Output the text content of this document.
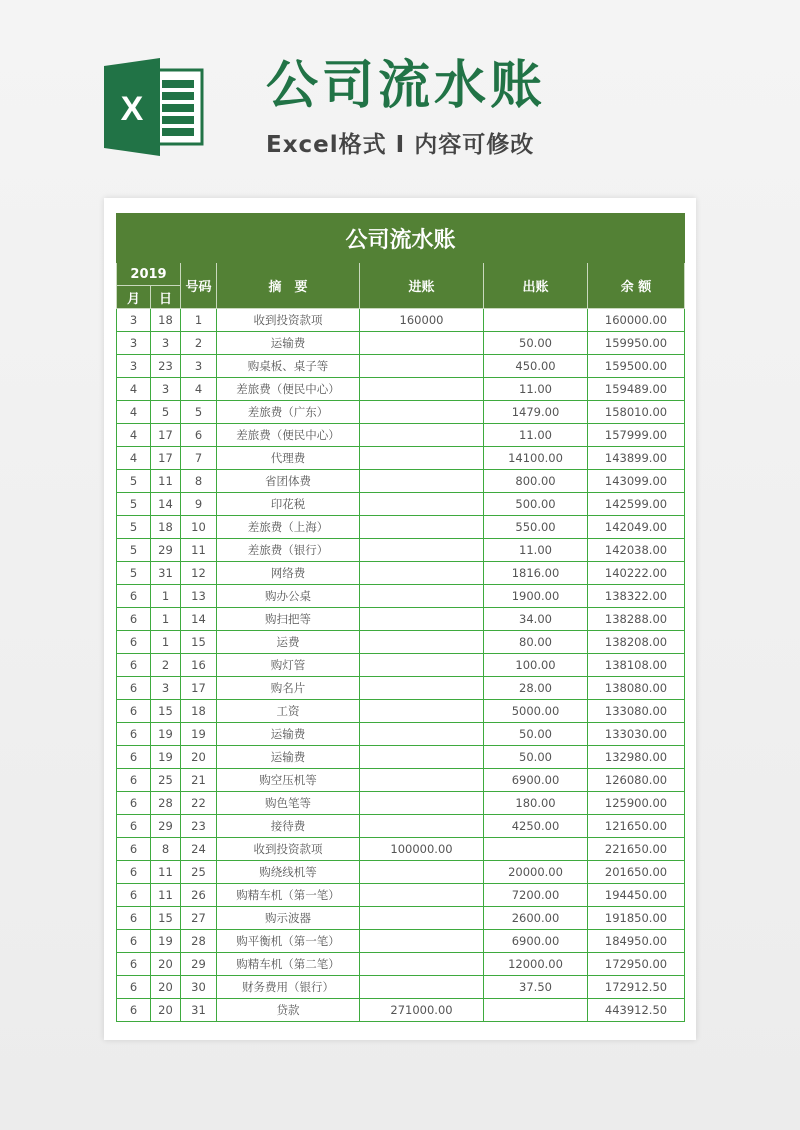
X 公司流水账
Excel格式 I 内容可修改
公司流水账						
2019		号码	摘　要	进账	出账	余 额
月	日					
3	18	1	收到投资款项	160000		160000.00
3	3	2	运输费		50.00	159950.00
3	23	3	购桌板、桌子等		450.00	159500.00
4	3	4	差旅费（便民中心）		11.00	159489.00
4	5	5	差旅费（广东）		1479.00	158010.00
4	17	6	差旅费（便民中心）		11.00	157999.00
4	17	7	代理费		14100.00	143899.00
5	11	8	省团体费		800.00	143099.00
5	14	9	印花税		500.00	142599.00
5	18	10	差旅费（上海）		550.00	142049.00
5	29	11	差旅费（银行）		11.00	142038.00
5	31	12	网络费		1816.00	140222.00
6	1	13	购办公桌		1900.00	138322.00
6	1	14	购扫把等		34.00	138288.00
6	1	15	运费		80.00	138208.00
6	2	16	购灯管		100.00	138108.00
6	3	17	购名片		28.00	138080.00
6	15	18	工资		5000.00	133080.00
6	19	19	运输费		50.00	133030.00
6	19	20	运输费		50.00	132980.00
6	25	21	购空压机等		6900.00	126080.00
6	28	22	购色笔等		180.00	125900.00
6	29	23	接待费		4250.00	121650.00
6	8	24	收到投资款项	100000.00		221650.00
6	11	25	购绕线机等		20000.00	201650.00
6	11	26	购精车机（第一笔）		7200.00	194450.00
6	15	27	购示波器		2600.00	191850.00
6	19	28	购平衡机（第一笔）		6900.00	184950.00
6	20	29	购精车机（第二笔）		12000.00	172950.00
6	20	30	财务费用（银行）		37.50	172912.50
6	20	31	贷款	271000.00		443912.50
